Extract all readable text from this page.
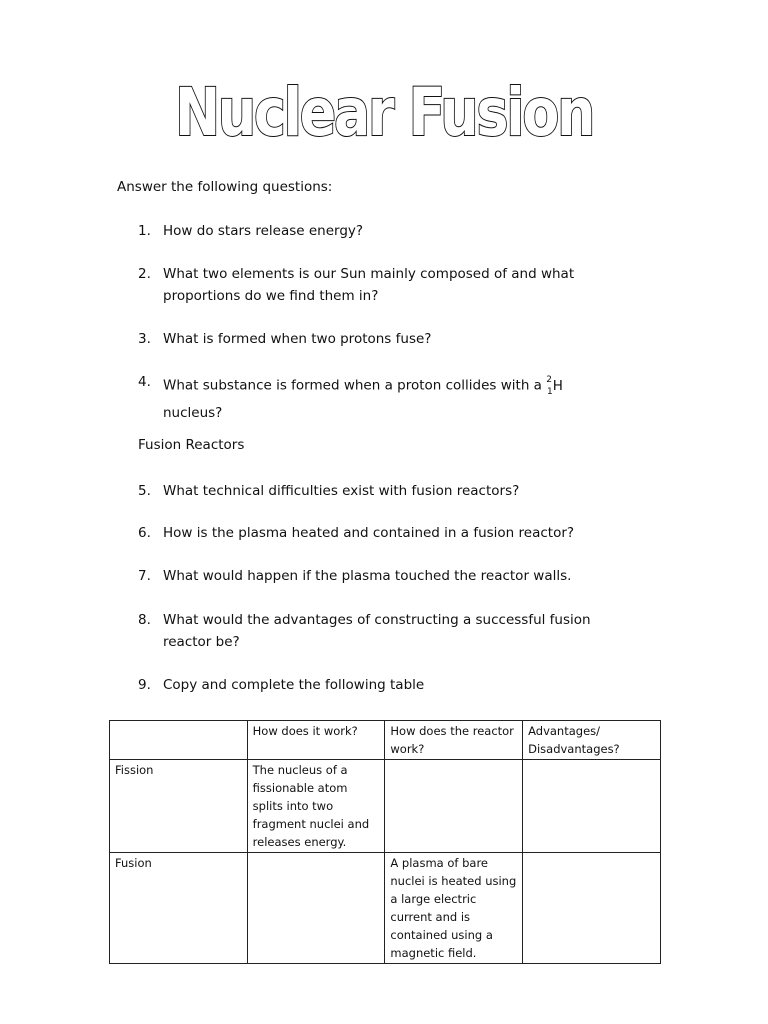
Nuclear Fusion
Answer the following questions:
1. How do stars release energy?
2. What two elements is our Sun mainly composed of and what proportions do we find them in?
3. What is formed when two protons fuse?
4. What substance is formed when a proton collides with a $^2_1$H nucleus?
Fusion Reactors
5. What technical difficulties exist with fusion reactors?
6. How is the plasma heated and contained in a fusion reactor?
7. What would happen if the plasma touched the reactor walls.
8. What would the advantages of constructing a successful fusion reactor be?
9. Copy and complete the following table
	How does it work?	How does the reactor work?	Advantages/ Disadvantages?
Fission	The nucleus of a fissionable atom splits into two fragment nuclei and releases energy.		
Fusion		A plasma of bare nuclei is heated using a large electric current and is contained using a magnetic field.	
